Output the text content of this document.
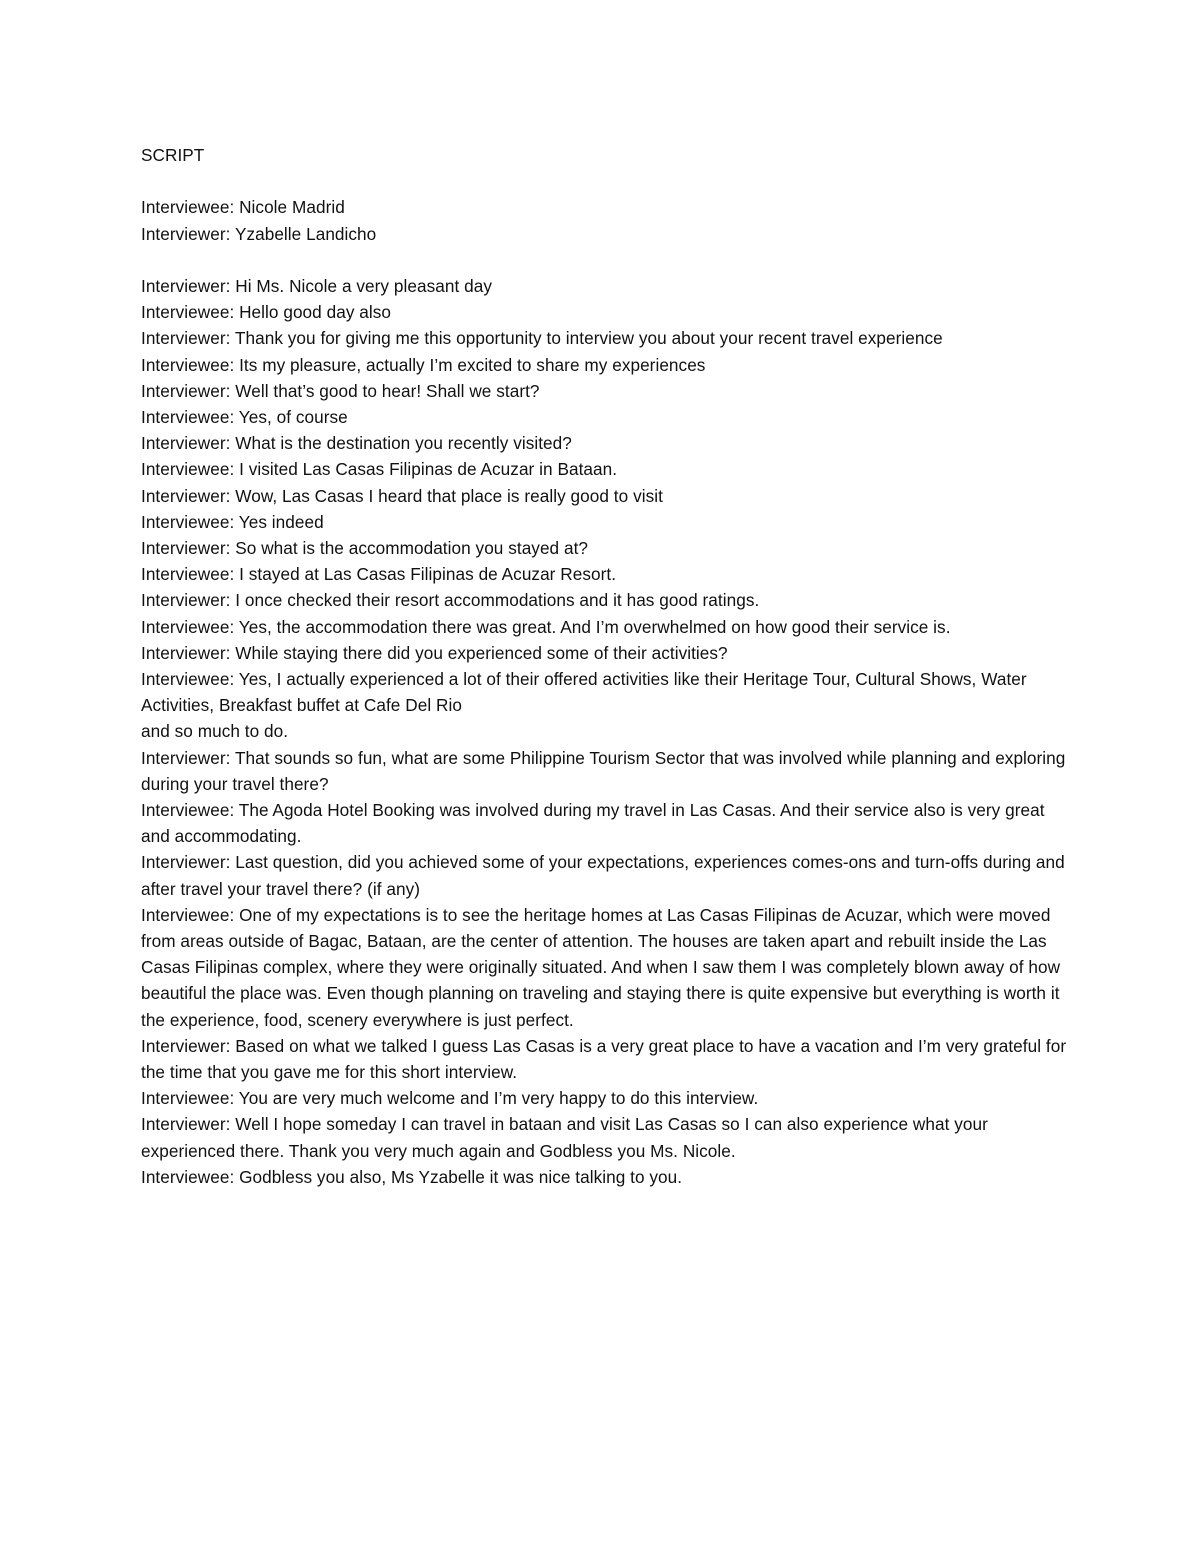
SCRIPT
Interviewee: Nicole Madrid
Interviewer: Yzabelle Landicho
Interviewer: Hi Ms. Nicole a very pleasant day
Interviewee: Hello good day also
Interviewer: Thank you for giving me this opportunity to interview you about your recent travel experience
Interviewee: Its my pleasure, actually I’m excited to share my experiences
Interviewer: Well that’s good to hear! Shall we start?
Interviewee: Yes, of course
Interviewer: What is the destination you recently visited?
Interviewee: I visited Las Casas Filipinas de Acuzar in Bataan.
Interviewer: Wow, Las Casas I heard that place is really good to visit
Interviewee: Yes indeed
Interviewer: So what is the accommodation you stayed at?
Interviewee: I stayed at Las Casas Filipinas de Acuzar Resort.
Interviewer: I once checked their resort accommodations and it has good ratings.
Interviewee: Yes, the accommodation there was great. And I’m overwhelmed on how good their service is.
Interviewer: While staying there did you experienced some of their activities?
Interviewee: Yes, I actually experienced a lot of their offered activities like their Heritage Tour, Cultural Shows, Water Activities, Breakfast buffet at Cafe Del Rio
and so much to do.
Interviewer: That sounds so fun, what are some Philippine Tourism Sector that was involved while planning and exploring during your travel there?
Interviewee: The Agoda Hotel Booking was involved during my travel in Las Casas. And their service also is very great and accommodating.
Interviewer: Last question, did you achieved some of your expectations, experiences comes-ons and turn-offs during and after travel your travel there? (if any)
Interviewee: One of my expectations is to see the heritage homes at Las Casas Filipinas de Acuzar, which were moved from areas outside of Bagac, Bataan, are the center of attention. The houses are taken apart and rebuilt inside the Las Casas Filipinas complex, where they were originally situated. And when I saw them I was completely blown away of how beautiful the place was. Even though planning on traveling and staying there is quite expensive but everything is worth it the experience, food, scenery everywhere is just perfect.
Interviewer: Based on what we talked I guess Las Casas is a very great place to have a vacation and I’m very grateful for the time that you gave me for this short interview.
Interviewee: You are very much welcome and I’m very happy to do this interview.
Interviewer: Well I hope someday I can travel in bataan and visit Las Casas so I can also experience what your experienced there. Thank you very much again and Godbless you Ms. Nicole.
Interviewee: Godbless you also, Ms Yzabelle it was nice talking to you.
